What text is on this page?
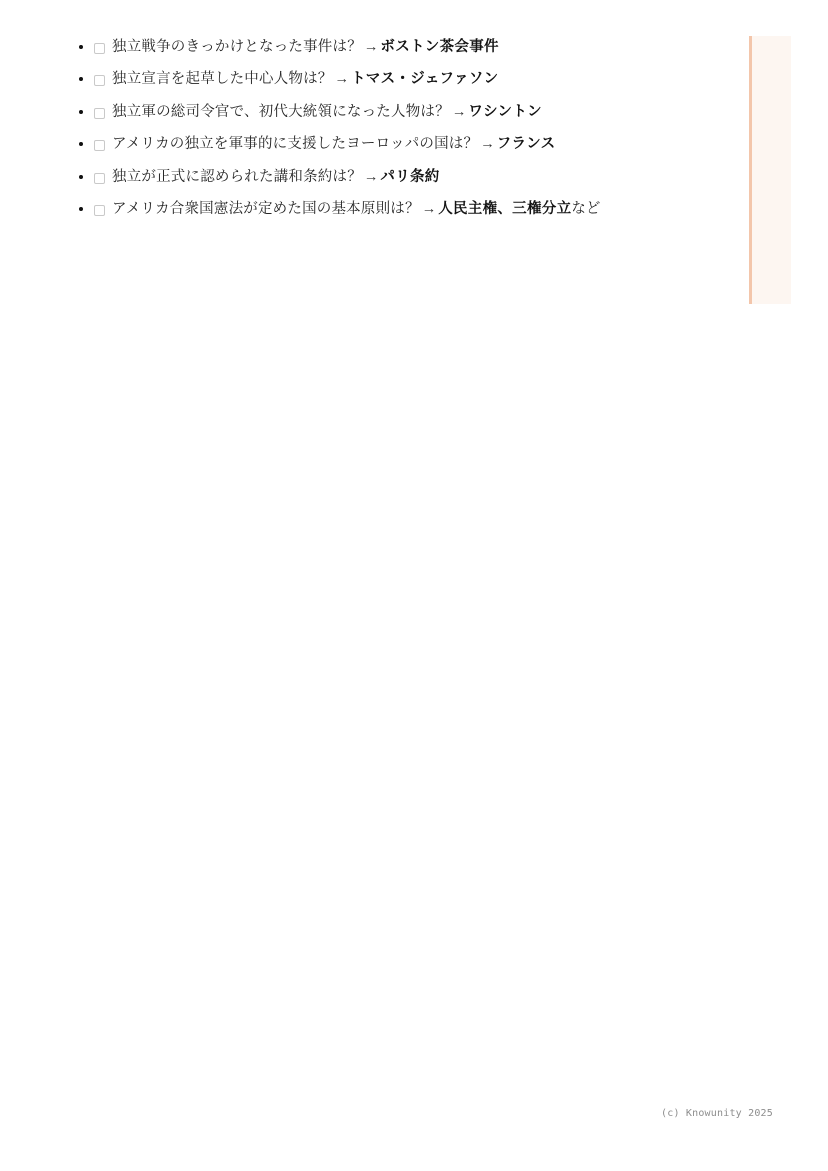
独立戦争のきっかけとなった事件は？ → ボストン茶会事件
独立宣言を起草した中心人物は？ → トマス・ジェファソン
独立軍の総司令官で、初代大統領になった人物は？ → ワシントン
アメリカの独立を軍事的に支援したヨーロッパの国は？ → フランス
独立が正式に認められた講和条約は？ → パリ条約
アメリカ合衆国憲法が定めた国の基本原則は？ → 人民主権、三権分立など
(c) Knowunity 2025
